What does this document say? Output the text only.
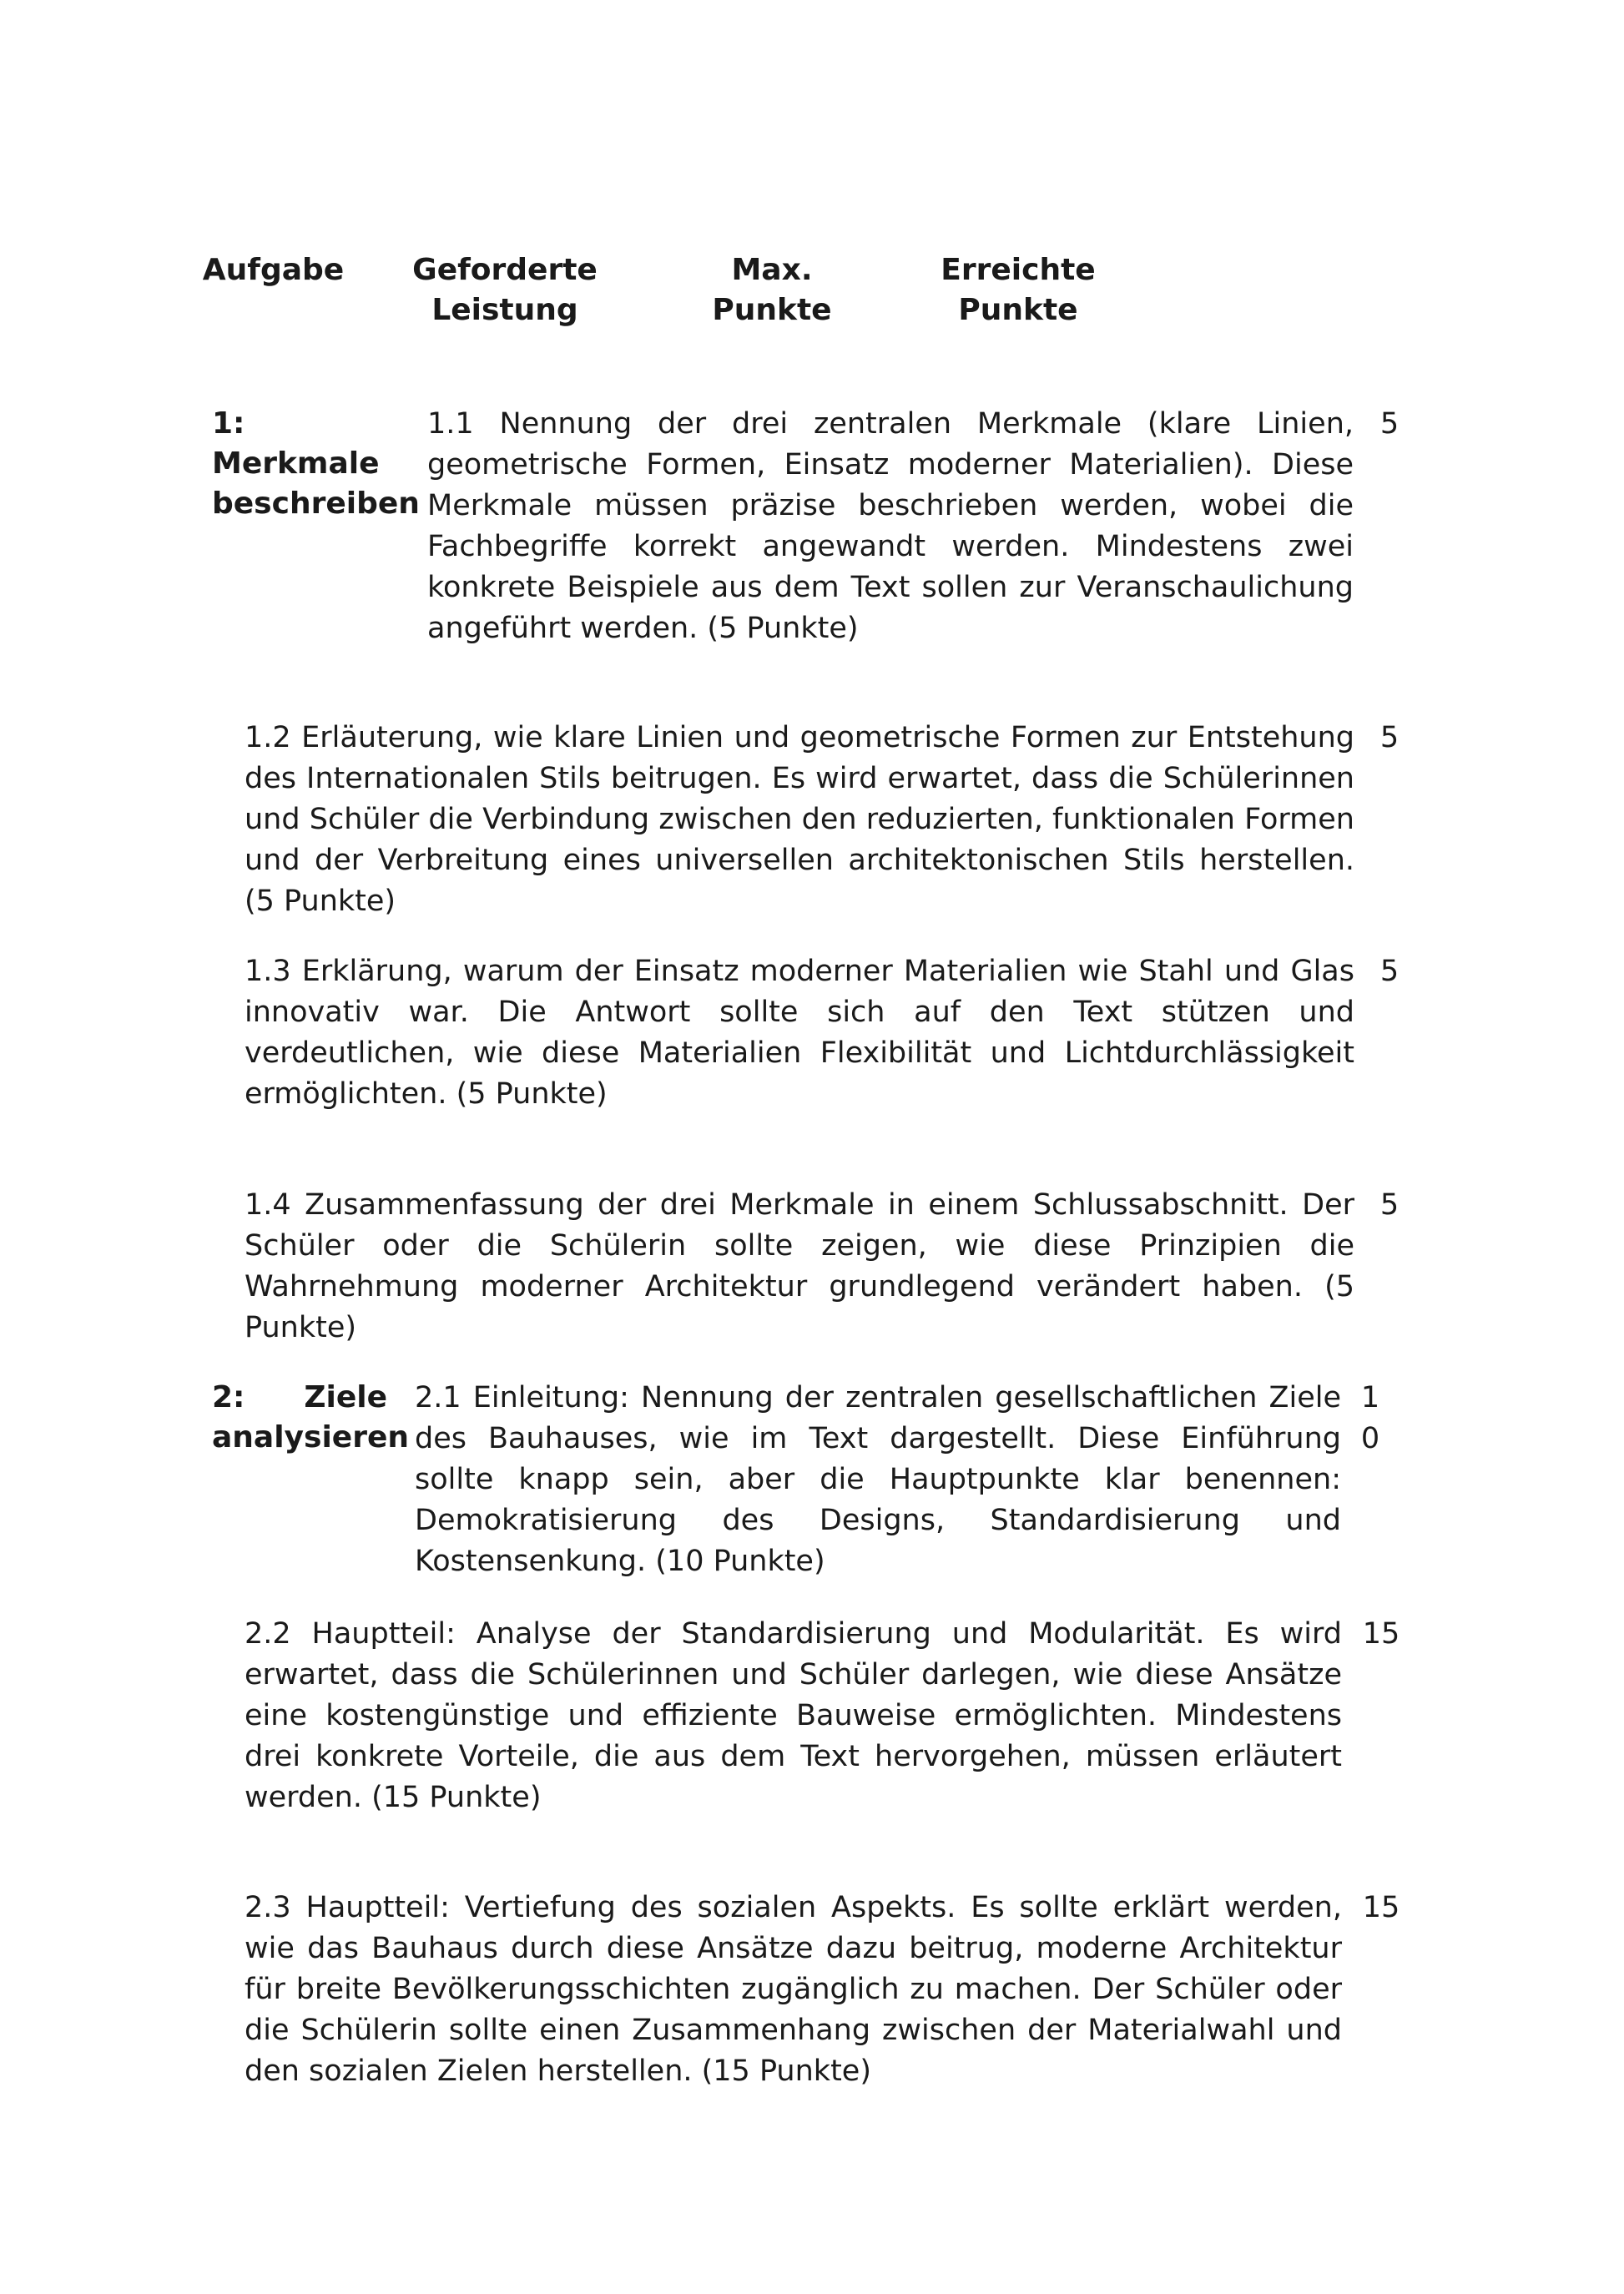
Aufgabe	Geforderte Leistung
Max. Punkte
Erreichte Punkte
1: Merkmale beschreiben
1.1 Nennung der drei zentralen Merkmale (klare Linien, geometrische Formen, Einsatz moderner Materialien). Diese Merkmale müssen präzise beschrieben werden, wobei die Fachbegriffe korrekt angewandt werden. Mindestens zwei konkrete Beispiele aus dem Text sollen zur Veranschaulichung angeführt werden. (5 Punkte)
5
1.2 Erläuterung, wie klare Linien und geometrische Formen zur Entstehung des Internationalen Stils beitrugen. Es wird erwartet, dass die Schülerinnen und Schüler die Verbindung zwischen den reduzierten, funktionalen Formen und der Verbreitung eines universellen architektonischen Stils herstellen. (5 Punkte)
5
1.3 Erklärung, warum der Einsatz moderner Materialien wie Stahl und Glas innovativ war. Die Antwort sollte sich auf den Text stützen und verdeutlichen, wie diese Materialien Flexibilität und Lichtdurchlässigkeit ermöglichten. (5 Punkte)
5
1.4 Zusammenfassung der drei Merkmale in einem Schlussabschnitt. Der Schüler oder die Schülerin sollte zeigen, wie diese Prinzipien die Wahrnehmung moderner Architektur grundlegend verändert haben. (5 Punkte)
5
2: Ziele analysieren
2.1 Einleitung: Nennung der zentralen gesellschaftlichen Ziele des Bauhauses, wie im Text dargestellt. Diese Einführung sollte knapp sein, aber die Hauptpunkte klar benennen: Demokratisierung des Designs, Standardisierung und Kostensenkung. (10 Punkte)
10
2.2 Hauptteil: Analyse der Standardisierung und Modularität. Es wird erwartet, dass die Schülerinnen und Schüler darlegen, wie diese Ansätze eine kostengünstige und effiziente Bauweise ermöglichten. Mindestens drei konkrete Vorteile, die aus dem Text hervorgehen, müssen erläutert werden. (15 Punkte)
15
2.3 Hauptteil: Vertiefung des sozialen Aspekts. Es sollte erklärt werden, wie das Bauhaus durch diese Ansätze dazu beitrug, moderne Architektur für breite Bevölkerungsschichten zugänglich zu machen. Der Schüler oder die Schülerin sollte einen Zusammenhang zwischen der Materialwahl und den sozialen Zielen herstellen. (15 Punkte)
15
